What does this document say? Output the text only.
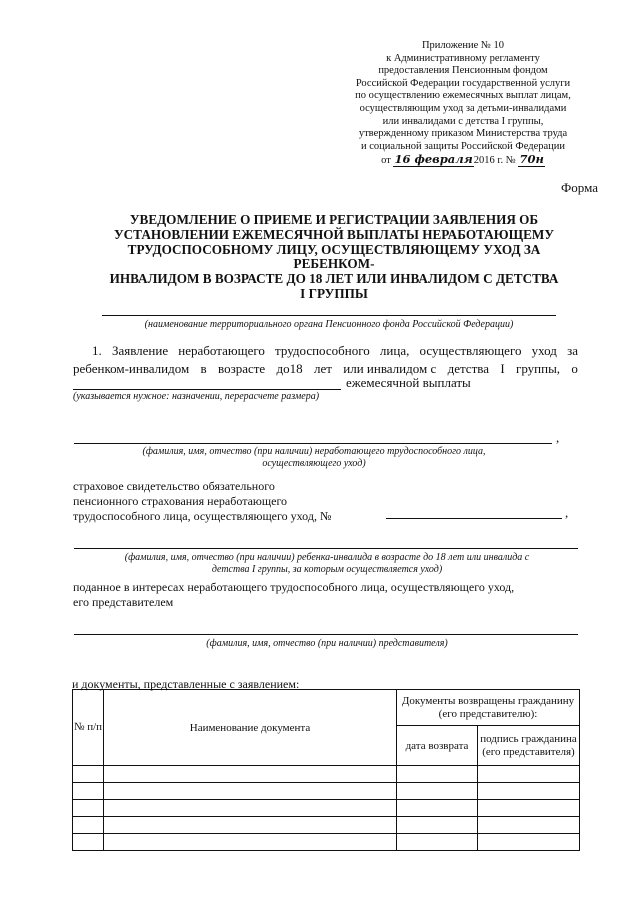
Приложение № 10
к Административному регламенту
предоставления Пенсионным фондом
Российской Федерации государственной услуги
по осуществлению ежемесячных выплат лицам,
осуществляющим уход за детьми-инвалидами
или инвалидами с детства I группы,
утвержденному приказом Министерства труда
и социальной защиты Российской Федерации
от 16 февраля2016 г. № 70н
Форма
УВЕДОМЛЕНИЕ О ПРИЕМЕ И РЕГИСТРАЦИИ ЗАЯВЛЕНИЯ ОБ
УСТАНОВЛЕНИИ ЕЖЕМЕСЯЧНОЙ ВЫПЛАТЫ НЕРАБОТАЮЩЕМУ
ТРУДОСПОСОБНОМУ ЛИЦУ, ОСУЩЕСТВЛЯЮЩЕМУ УХОД ЗА РЕБЕНКОМ-
ИНВАЛИДОМ В ВОЗРАСТЕ ДО 18 ЛЕТ ИЛИ ИНВАЛИДОМ С ДЕТСТВА
I ГРУППЫ
(наименование территориального органа Пенсионного фонда Российской Федерации)
1. Заявление неработающего трудоспособного лица, осуществляющего уход за
ребенком-инвалидом в возрасте до18 лет или инвалидом с детства I группы, о
ежемесячной выплаты
(указывается нужное: назначении, перерасчете размера)
,
(фамилия, имя, отчество (при наличии) неработающего трудоспособного лица,
осуществляющего уход)
страховое свидетельство обязательного
пенсионного страхования неработающего
трудоспособного лица, осуществляющего уход, №	,
(фамилия, имя, отчество (при наличии) ребенка-инвалида в возрасте до 18 лет или инвалида с
детства I группы, за которым осуществляется уход)
поданное в интересах неработающего трудоспособного лица, осуществляющего уход,
его представителем
(фамилия, имя, отчество (при наличии) представителя)
и документы, представленные с заявлением:
№ п/п	Наименование документа	Документы возвращены гражданину (его представителю):	
		дата возврата	подпись гражданина (его представителя)
